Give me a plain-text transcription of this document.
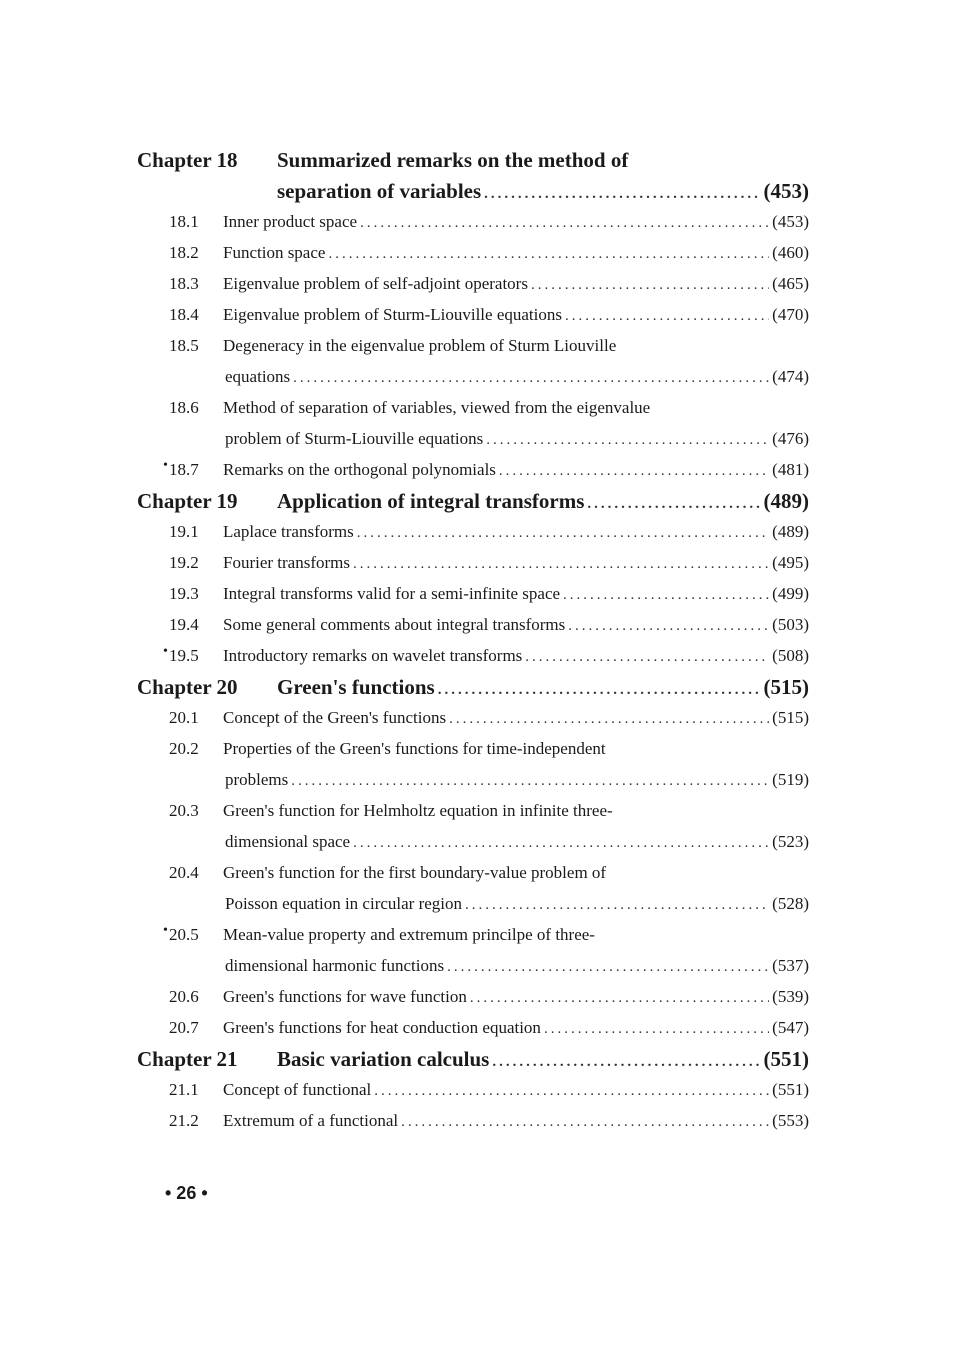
Chapter 18 Summarized remarks on the method of
separation of variables .....	(453)
18.1	Inner product space .....	(453)
18.2	Function space .....	(460)
18.3	Eigenvalue problem of self-adjoint operators .....	(465)
18.4	Eigenvalue problem of Sturm-Liouville equations .....	(470)
18.5	Degeneracy in the eigenvalue problem of Sturm Liouville
equations .....	(474)
18.6	Method of separation of variables, viewed from the eigenvalue
problem of Sturm-Liouville equations .....	(476)
• 18.7	Remarks on the orthogonal polynomials .....	(481)
Chapter 19 Application of integral transforms .....	(489)
19.1	Laplace transforms .....	(489)
19.2	Fourier transforms .....	(495)
19.3	Integral transforms valid for a semi-infinite space .....	(499)
19.4	Some general comments about integral transforms .....	(503)
• 19.5	Introductory remarks on wavelet transforms .....	(508)
Chapter 20 Green's functions .....	(515)
20.1	Concept of the Green's functions .....	(515)
20.2	Properties of the Green's functions for time-independent
problems .....	(519)
20.3	Green's function for Helmholtz equation in infinite three-
dimensional space .....	(523)
20.4	Green's function for the first boundary-value problem of
Poisson equation in circular region .....	(528)
• 20.5	Mean-value property and extremum princilpe of three-
dimensional harmonic functions .....	(537)
20.6	Green's functions for wave function .....	(539)
20.7	Green's functions for heat conduction equation .....	(547)
Chapter 21 Basic variation calculus .....	(551)
21.1	Concept of functional .....	(551)
21.2	Extremum of a functional .....	(553)
• 26 •
